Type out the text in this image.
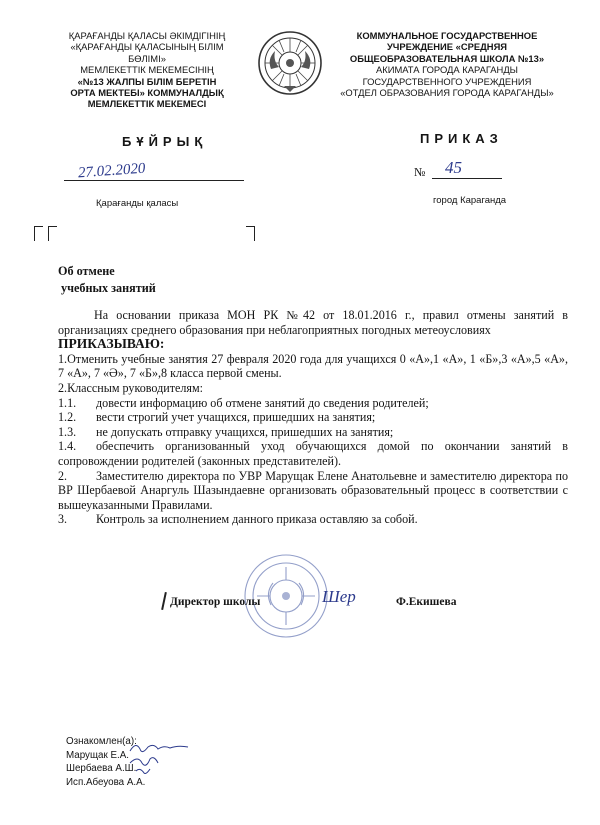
ҚАРАҒАНДЫ ҚАЛАСЫ ӘКІМДІГІНІҢ
«ҚАРАҒАНДЫ ҚАЛАСЫНЫҢ БІЛІМ
БӨЛІМІ»
МЕМЛЕКЕТТІК МЕКЕМЕСІНІҢ
«№13 ЖАЛПЫ БІЛІМ БЕРЕТІН
ОРТА МЕКТЕБІ» КОММУНАЛДЫҚ
МЕМЛЕКЕТТІК МЕКЕМЕСІ
КОММУНАЛЬНОЕ ГОСУДАРСТВЕННОЕ
УЧРЕЖДЕНИЕ «СРЕДНЯЯ
ОБЩЕОБРАЗОВАТЕЛЬНАЯ ШКОЛА №13»
АКИМАТА ГОРОДА КАРАГАНДЫ
ГОСУДАРСТВЕННОГО УЧРЕЖДЕНИЯ
«ОТДЕЛ ОБРАЗОВАНИЯ ГОРОДА КАРАГАНДЫ»
БҰЙРЫҚ	ПРИКАЗ
27.02.2020	№ 45
Қарағанды қаласы	город Караганда
Об отмене
учебных занятий

На основании приказа МОН РК №42 от 18.01.2016 г., правил отмены занятий в организациях среднего образования при неблагоприятных погодных метеоусловиях

ПРИКАЗЫВАЮ:

1.Отменить учебные занятия 27 февраля 2020 года для учащихся 0 «А»,1 «А», 1 «Б»,3 «А»,5 «А», 7 «А», 7 «Ә», 7 «Б»,8 класса первой смены.

2.Классным руководителям:

1.1.	довести информацию об отмене занятий до сведения родителей;
1.2.	вести строгий учет учащихся, пришедших на занятия;
1.3.	не допускать отправку учащихся, пришедших на занятия;

1.4. обеспечить организованный уход обучающихся домой по окончании занятий в сопровождении родителей (законных представителей).

2. Заместителю директора по УВР Марущак Елене Анатольевне и заместителю директора по ВР Шербаевой Анаргуль Шазындаевне организовать образовательный процесс в соответствии с вышеуказанными Правилами.

3. Контроль за исполнением данного приказа оставляю за собой.

Директор школы	Шер	Ф.Екишева
Ознакомлен(а):
Марущак Е.А.
Шербаева А.Ш.
Исп.Абеуова А.А.
